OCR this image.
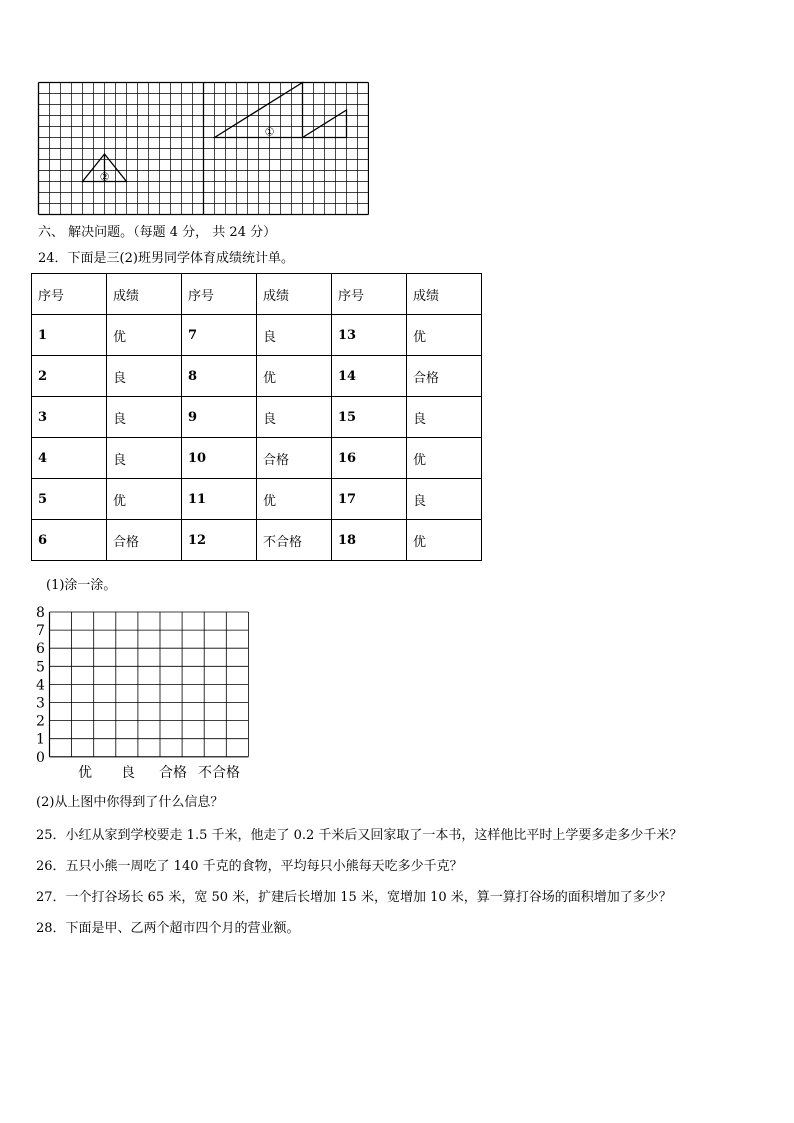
①
②
六、 解决问题。（每题 4 分， 共 24 分）
24．下面是三(2)班男同学体育成绩统计单。
序号	成绩	序号	成绩	序号	成绩
1	优	7	良	13	优
2	良	8	优	14	合格
3	良	9	良	15	良
4	良	10	合格	16	优
5	优	11	优	17	良
6	合格	12	不合格	18	优
(1)涂一涂。
0
1
2
3
4
5
6
7
8
优 良 合格 不合格
(2)从上图中你得到了什么信息？
25．小红从家到学校要走 1.5 千米，他走了 0.2 千米后又回家取了一本书，这样他比平时上学要多走多少千米？
26．五只小熊一周吃了 140 千克的食物，平均每只小熊每天吃多少千克？
27．一个打谷场长 65 米，宽 50 米，扩建后长增加 15 米，宽增加 10 米，算一算打谷场的面积增加了多少？
28．下面是甲、乙两个超市四个月的营业额。
